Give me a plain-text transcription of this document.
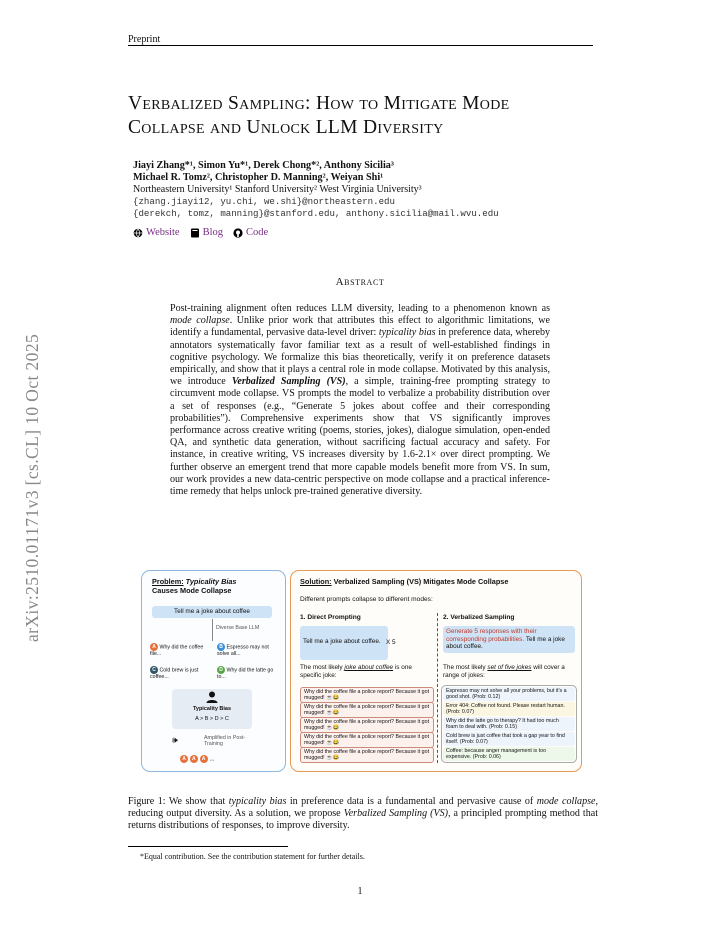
Preprint
Verbalized Sampling: How to Mitigate Mode
Collapse and Unlock LLM Diversity
Jiayi Zhang*¹, Simon Yu*¹, Derek Chong*², Anthony Sicilia³
Michael R. Tomz², Christopher D. Manning², Weiyan Shi¹
Northeastern University¹ Stanford University² West Virginia University³
{zhang.jiayi12, yu.chi, we.shi}@northeastern.edu
{derekch, tomz, manning}@stanford.edu, anthony.sicilia@mail.wvu.edu
Website Blog Code
arXiv:2510.01171v3 [cs.CL] 10 Oct 2025
Abstract
Post-training alignment often reduces LLM diversity, leading to a phenomenon known as mode collapse. Unlike prior work that attributes this effect to algorithmic limitations, we identify a fundamental, pervasive data-level driver: typicality bias in preference data, whereby annotators systematically favor familiar text as a result of well-established findings in cognitive psychology. We formalize this bias theoretically, verify it on preference datasets empirically, and show that it plays a central role in mode collapse. Motivated by this analysis, we introduce Verbalized Sampling (VS), a simple, training-free prompting strategy to circumvent mode collapse. VS prompts the model to verbalize a probability distribution over a set of responses (e.g., “Generate 5 jokes about coffee and their corresponding probabilities”). Comprehensive experiments show that VS significantly improves performance across creative writing (poems, stories, jokes), dialogue simulation, open-ended QA, and synthetic data generation, without sacrificing factual accuracy and safety. For instance, in creative writing, VS increases diversity by 1.6-2.1× over direct prompting. We further observe an emergent trend that more capable models benefit more from VS. In sum, our work provides a new data-centric perspective on mode collapse and a practical inference-time remedy that helps unlock pre-trained generative diversity.
Problem: Typicality Bias
Causes Mode Collapse
Tell me a joke about coffee
Diverse Base LLM
A Why did the coffee file...
B Espresso may not solve all...
C Cold brew is just coffee...
D Why did the latte go to...
Typicality Bias
A > B > D > C
🕪	Amplified in Post-Training
A A A ...
Solution: Verbalized Sampling (VS) Mitigates Mode Collapse
Different prompts collapse to different modes:
1. Direct Prompting
Tell me a joke about coffee. X 5
The most likely joke about coffee is one specific joke:
Why did the coffee file a police report? Because it got mugged! ☕😂
Why did the coffee file a police report? Because it got mugged! ☕😂
Why did the coffee file a police report? Because it got mugged! ☕😂
Why did the coffee file a police report? Because it got mugged! ☕😂
Why did the coffee file a police report? Because it got mugged! ☕😂
2. Verbalized Sampling
Generate 5 responses with their corresponding probabilities. Tell me a joke about coffee.
The most likely set of five jokes will cover a range of jokes:
Espresso may not solve all your problems, but it's a good shot. (Prob: 0.12)
Error 404: Coffee not found. Please restart human. (Prob: 0.07)
Why did the latte go to therapy? It had too much foam to deal with. (Prob: 0.15)
Cold brew is just coffee that took a gap year to find itself. (Prob: 0.07)
Coffee: because anger management is too expensive. (Prob: 0.06)
Figure 1: We show that typicality bias in preference data is a fundamental and pervasive cause of mode collapse, reducing output diversity. As a solution, we propose Verbalized Sampling (VS), a principled prompting method that returns distributions of responses, to improve diversity.
*Equal contribution. See the contribution statement for further details.
1
